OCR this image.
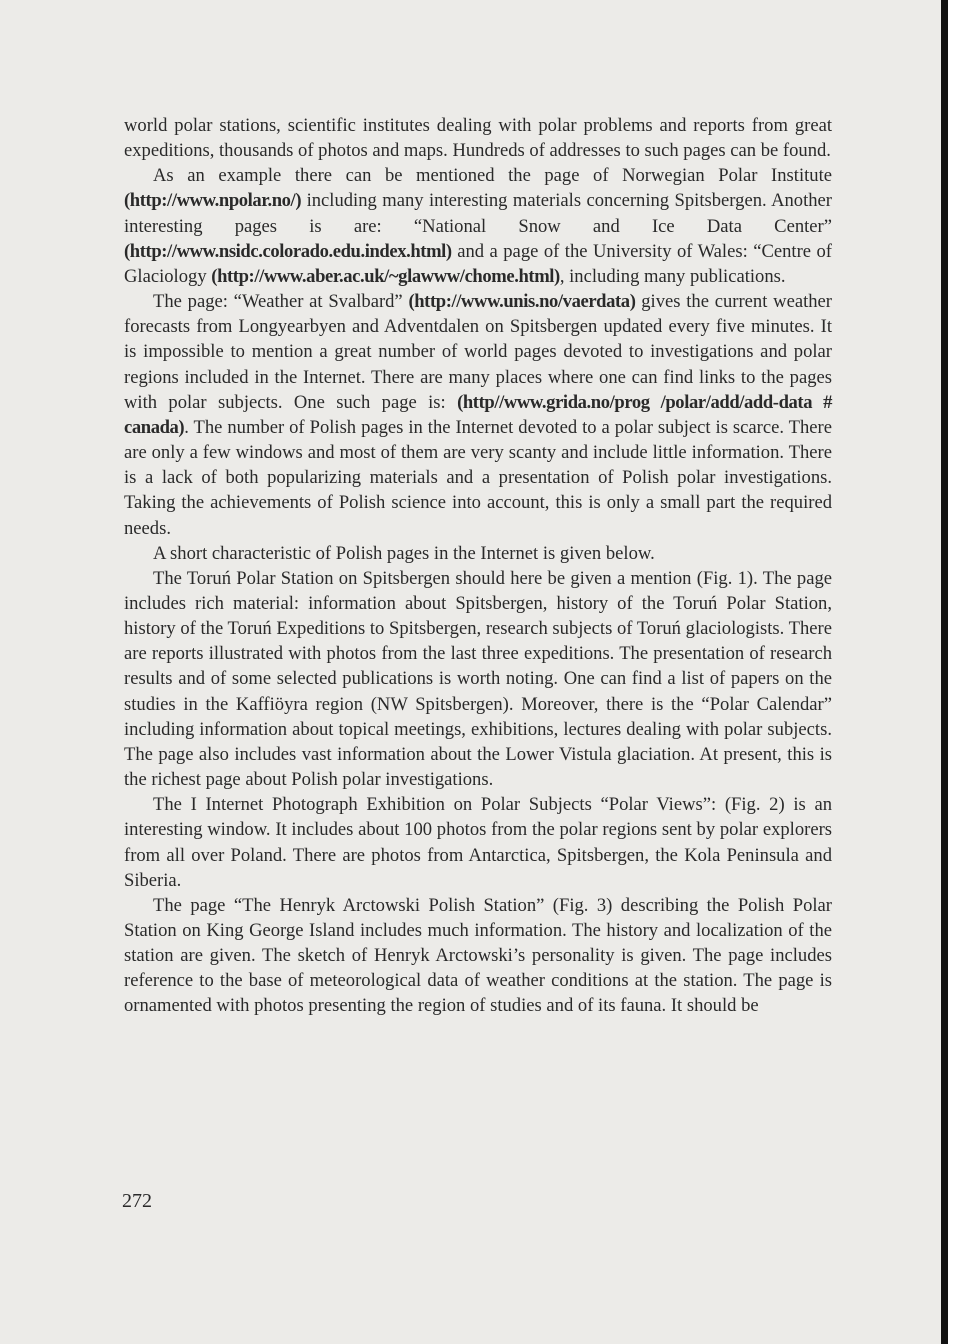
world polar stations, scientific institutes dealing with polar problems and reports from great expeditions, thousands of photos and maps. Hundreds of addresses to such pages can be found.

As an example there can be mentioned the page of Norwegian Polar Institute (http://www.npolar.no/) including many interesting materials concerning Spitsbergen. Another interesting pages is are: “National Snow and Ice Data Center” (http://www.nsidc.colorado.edu.index.html) and a page of the University of Wales: “Centre of Glaciology (http://www.aber.ac.uk/~glawww/chome.html), including many publications.

The page: “Weather at Svalbard” (http://www.unis.no/vaerdata) gives the current weather forecasts from Longyearbyen and Adventdalen on Spitsbergen updated every five minutes. It is impossible to mention a great number of world pages devoted to investigations and polar regions included in the Internet. There are many places where one can find links to the pages with polar subjects. One such page is: (http//www.grida.no/prog /polar/add/add-data # canada). The number of Polish pages in the Internet devoted to a polar subject is scarce. There are only a few windows and most of them are very scanty and include little information. There is a lack of both popularizing materials and a presentation of Polish polar investigations. Taking the achievements of Polish science into account, this is only a small part the required needs.

A short characteristic of Polish pages in the Internet is given below.

The Toruń Polar Station on Spitsbergen should here be given a mention (Fig. 1). The page includes rich material: information about Spitsbergen, history of the Toruń Polar Station, history of the Toruń Expeditions to Spitsbergen, research subjects of Toruń glaciologists. There are reports illustrated with photos from the last three expeditions. The presentation of research results and of some selected publications is worth noting. One can find a list of papers on the studies in the Kaffiöyra region (NW Spitsbergen). Moreover, there is the “Polar Calendar” including information about topical meetings, exhibitions, lectures dealing with polar subjects. The page also includes vast information about the Lower Vistula glaciation. At present, this is the richest page about Polish polar investigations.

The I Internet Photograph Exhibition on Polar Subjects “Polar Views”: (Fig. 2) is an interesting window. It includes about 100 photos from the polar regions sent by polar explorers from all over Poland. There are photos from Antarctica, Spitsbergen, the Kola Peninsula and Siberia.

The page “The Henryk Arctowski Polish Station” (Fig. 3) describing the Polish Polar Station on King George Island includes much information. The history and localization of the station are given. The sketch of Henryk Arctowski’s personality is given. The page includes reference to the base of meteorological data of weather conditions at the station. The page is ornamented with photos presenting the region of studies and of its fauna. It should be

272
